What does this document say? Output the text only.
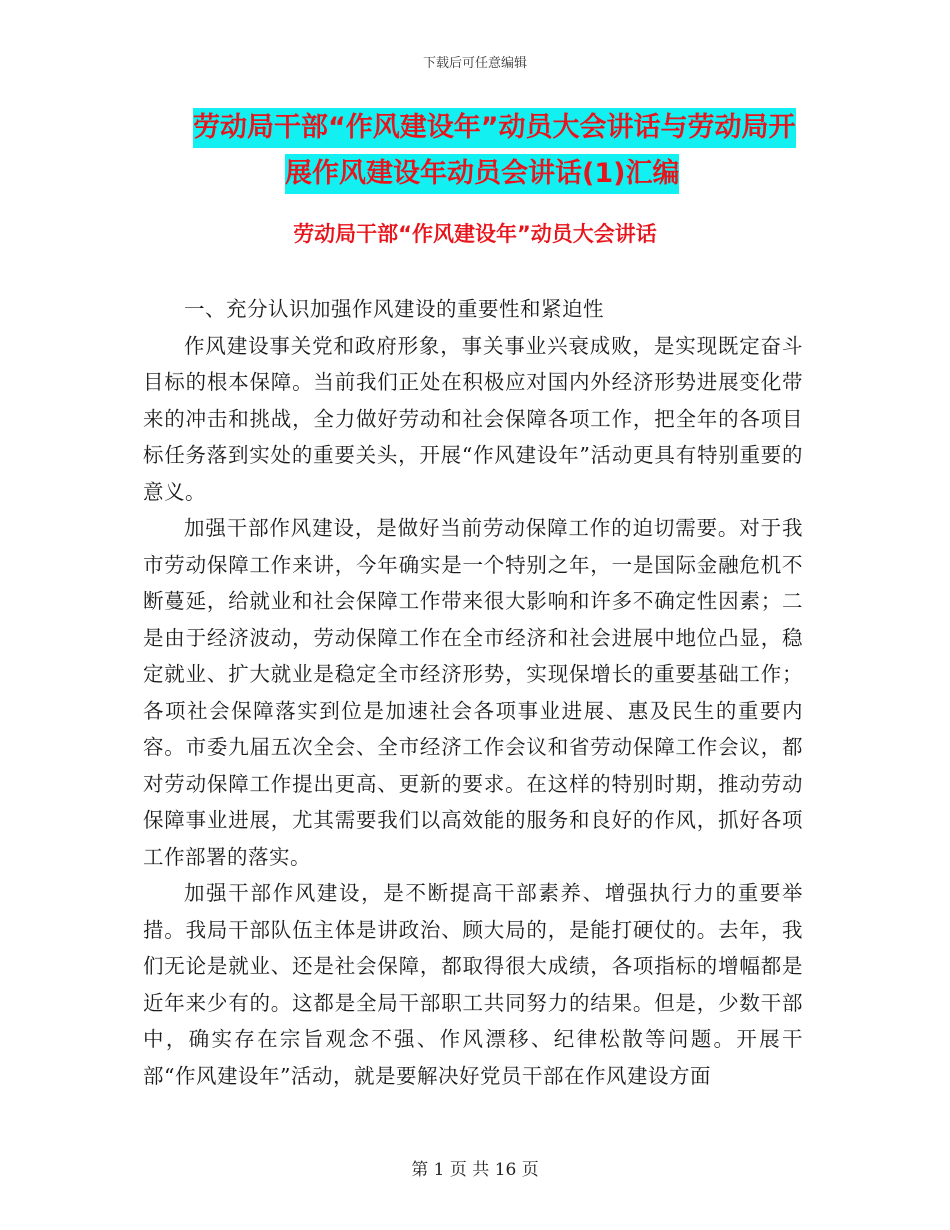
下载后可任意编辑
劳动局干部“作风建设年”动员大会讲话与劳动局开
展作风建设年动员会讲话(1)汇编
劳动局干部“作风建设年”动员大会讲话

一、充分认识加强作风建设的重要性和紧迫性

作风建设事关党和政府形象，事关事业兴衰成败，是实现既定奋斗目标的根本保障。当前我们正处在积极应对国内外经济形势进展变化带来的冲击和挑战，全力做好劳动和社会保障各项工作，把全年的各项目标任务落到实处的重要关头，开展“作风建设年”活动更具有特别重要的意义。

加强干部作风建设，是做好当前劳动保障工作的迫切需要。对于我市劳动保障工作来讲，今年确实是一个特别之年，一是国际金融危机不断蔓延，给就业和社会保障工作带来很大影响和许多不确定性因素；二是由于经济波动，劳动保障工作在全市经济和社会进展中地位凸显，稳定就业、扩大就业是稳定全市经济形势，实现保增长的重要基础工作；各项社会保障落实到位是加速社会各项事业进展、惠及民生的重要内容。市委九届五次全会、全市经济工作会议和省劳动保障工作会议，都对劳动保障工作提出更高、更新的要求。在这样的特别时期，推动劳动保障事业进展，尤其需要我们以高效能的服务和良好的作风，抓好各项工作部署的落实。

加强干部作风建设，是不断提高干部素养、增强执行力的重要举措。我局干部队伍主体是讲政治、顾大局的，是能打硬仗的。去年，我们无论是就业、还是社会保障，都取得很大成绩，各项指标的增幅都是近年来少有的。这都是全局干部职工共同努力的结果。但是，少数干部中，确实存在宗旨观念不强、作风漂移、纪律松散等问题。开展干部“作风建设年”活动，就是要解决好党员干部在作风建设方面

第 1 页 共 16 页
